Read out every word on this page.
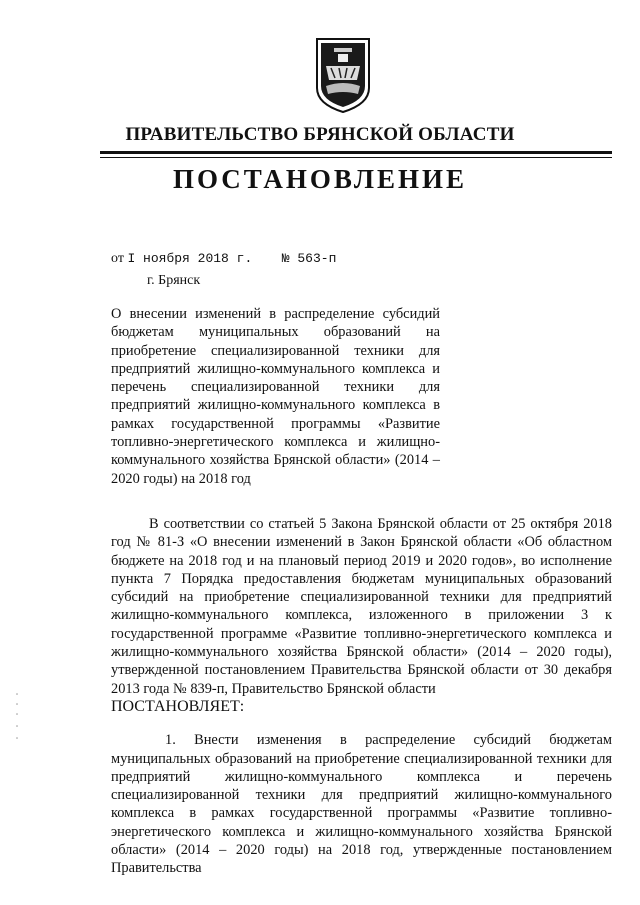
ПРАВИТЕЛЬСТВО БРЯНСКОЙ ОБЛАСТИ
ПОСТАНОВЛЕНИЕ
от I ноября 2018 г. № 563-п
г. Брянск
О внесении изменений в распределение субсидий бюджетам муниципальных образований на приобретение специализированной техники для предприятий жилищно-коммунального комплекса и перечень специализированной техники для предприятий жилищно-коммунального комплекса в рамках государственной программы «Развитие топливно-энергетического комплекса и жилищно-коммунального хозяйства Брянской области» (2014 – 2020 годы) на 2018 год

В соответствии со статьей 5 Закона Брянской области от 25 октября 2018 год № 81-З «О внесении изменений в Закон Брянской области «Об областном бюджете на 2018 год и на плановый период 2019 и 2020 годов», во исполнение пункта 7 Порядка предоставления бюджетам муниципальных образований субсидий на приобретение специализированной техники для предприятий жилищно-коммунального комплекса, изложенного в приложении 3 к государственной программе «Развитие топливно-энергетического комплекса и жилищно-коммунального хозяйства Брянской области» (2014 – 2020 годы), утвержденной постановлением Правительства Брянской области от 30 декабря 2013 года № 839-п, Правительство Брянской области
ПОСТАНОВЛЯЕТ:

1. Внести изменения в распределение субсидий бюджетам муниципальных образований на приобретение специализированной техники для предприятий жилищно-коммунального комплекса и перечень специализированной техники для предприятий жилищно-коммунального комплекса в рамках государственной программы «Развитие топливно-энергетического комплекса и жилищно-коммунального хозяйства Брянской области» (2014 – 2020 годы) на 2018 год, утвержденные постановлением Правительства
